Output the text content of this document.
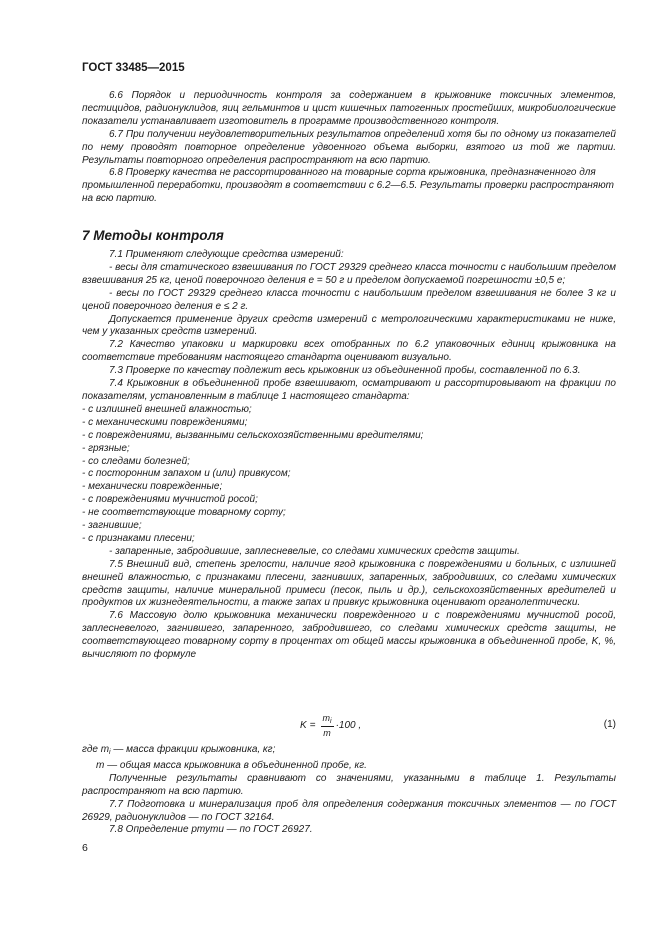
ГОСТ 33485—2015

6.6 Порядок и периодичность контроля за содержанием в крыжовнике токсичных элементов, пестицидов, радионуклидов, яиц гельминтов и цист кишечных патогенных простейших, микробиологические показатели устанавливает изготовитель в программе производственного контроля.

6.7 При получении неудовлетворительных результатов определений хотя бы по одному из показателей по нему проводят повторное определение удвоенного объема выборки, взятого из той же партии. Результаты повторного определения распространяют на всю партию.

6.8 Проверку качества не рассортированного на товарные сорта крыжовника, предназначенного для промышленной переработки, производят в соответствии с 6.2—6.5. Результаты проверки распространяют на всю партию.

7 Методы контроля

7.1 Применяют следующие средства измерений:

- весы для статического взвешивания по ГОСТ 29329 среднего класса точности с наибольшим пределом взвешивания 25 кг, ценой поверочного деления e = 50 г и пределом допускаемой погрешности ±0,5 e;

- весы по ГОСТ 29329 среднего класса точности с наибольшим пределом взвешивания не более 3 кг и ценой поверочного деления e ≤ 2 г.

Допускается применение других средств измерений с метрологическими характеристиками не ниже, чем у указанных средств измерений.

7.2 Качество упаковки и маркировки всех отобранных по 6.2 упаковочных единиц крыжовника на соответствие требованиям настоящего стандарта оценивают визуально.

7.3 Проверке по качеству подлежит весь крыжовник из объединенной пробы, составленной по 6.3.

7.4 Крыжовник в объединенной пробе взвешивают, осматривают и рассортировывают на фракции по показателям, установленным в таблице 1 настоящего стандарта:

- с излишней внешней влажностью;

- с механическими повреждениями;

- с повреждениями, вызванными сельскохозяйственными вредителями;

- грязные;

- со следами болезней;

- с посторонним запахом и (или) привкусом;

- механически поврежденные;

- с повреждениями мучнистой росой;

- не соответствующие товарному сорту;

- загнившие;

- с признаками плесени;

- запаренные, забродившие, заплесневелые, со следами химических средств защиты.

7.5 Внешний вид, степень зрелости, наличие ягод крыжовника с повреждениями и больных, с излишней внешней влажностью, с признаками плесени, загнивших, запаренных, забродивших, со следами химических средств защиты, наличие минеральной примеси (песок, пыль и др.), сельскохозяйственных вредителей и продуктов их жизнедеятельности, а также запах и привкус крыжовника оценивают органолептически.

7.6 Массовую долю крыжовника механически поврежденного и с повреждениями мучнистой росой, заплесневелого, загнившего, запаренного, забродившего, со следами химических средств защиты, не соответствующего товарному сорту в процентах от общей массы крыжовника в объединенной пробе, K, %, вычисляют по формуле

$K = \frac{m_i}{m} \cdot 100$ ,	(1)

где $m_i$ — масса фракции крыжовника, кг;

m — общая масса крыжовника в объединенной пробе, кг.

Полученные результаты сравнивают со значениями, указанными в таблице 1. Результаты распространяют на всю партию.

7.7 Подготовка и минерализация проб для определения содержания токсичных элементов — по ГОСТ 26929, радионуклидов — по ГОСТ 32164.

7.8 Определение ртути — по ГОСТ 26927.

6
